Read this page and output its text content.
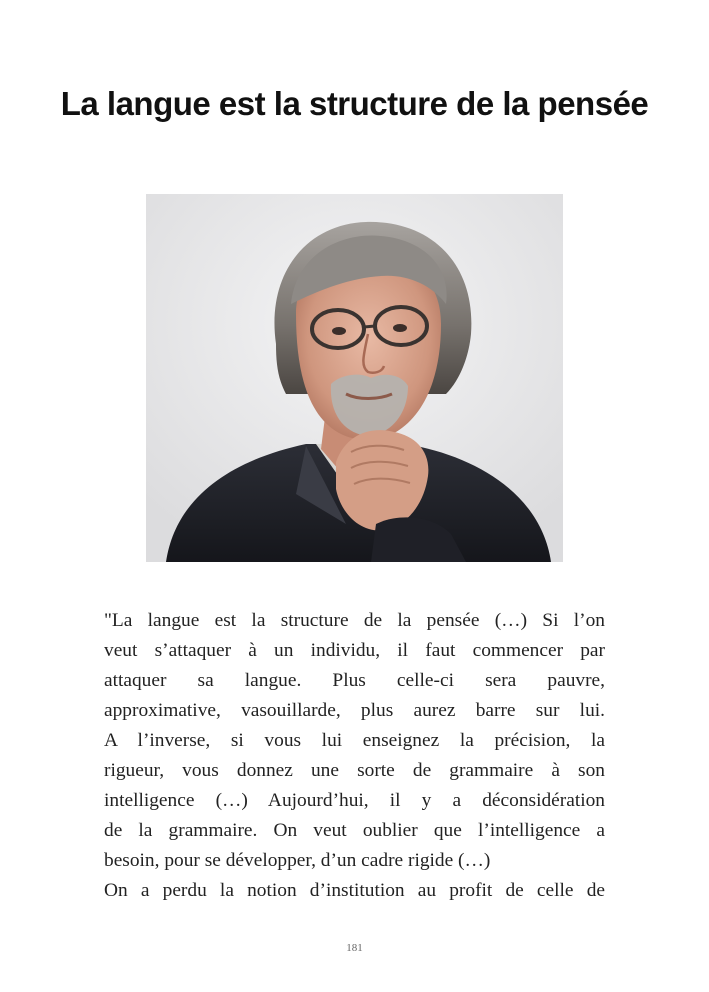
La langue est la structure de la pensée
"La langue est la structure de la pensée (…) Si l’on
veut s’attaquer à un individu, il faut commencer par
attaquer sa langue. Plus celle-ci sera pauvre,
approximative, vasouillarde, plus aurez barre sur lui.
A l’inverse, si vous lui enseignez la précision, la
rigueur, vous donnez une sorte de grammaire à son
intelligence (…) Aujourd’hui, il y a déconsidération
de la grammaire. On veut oublier que l’intelligence a
besoin, pour se développer, d’un cadre rigide (…)
On a perdu la notion d’institution au profit de celle de
181
